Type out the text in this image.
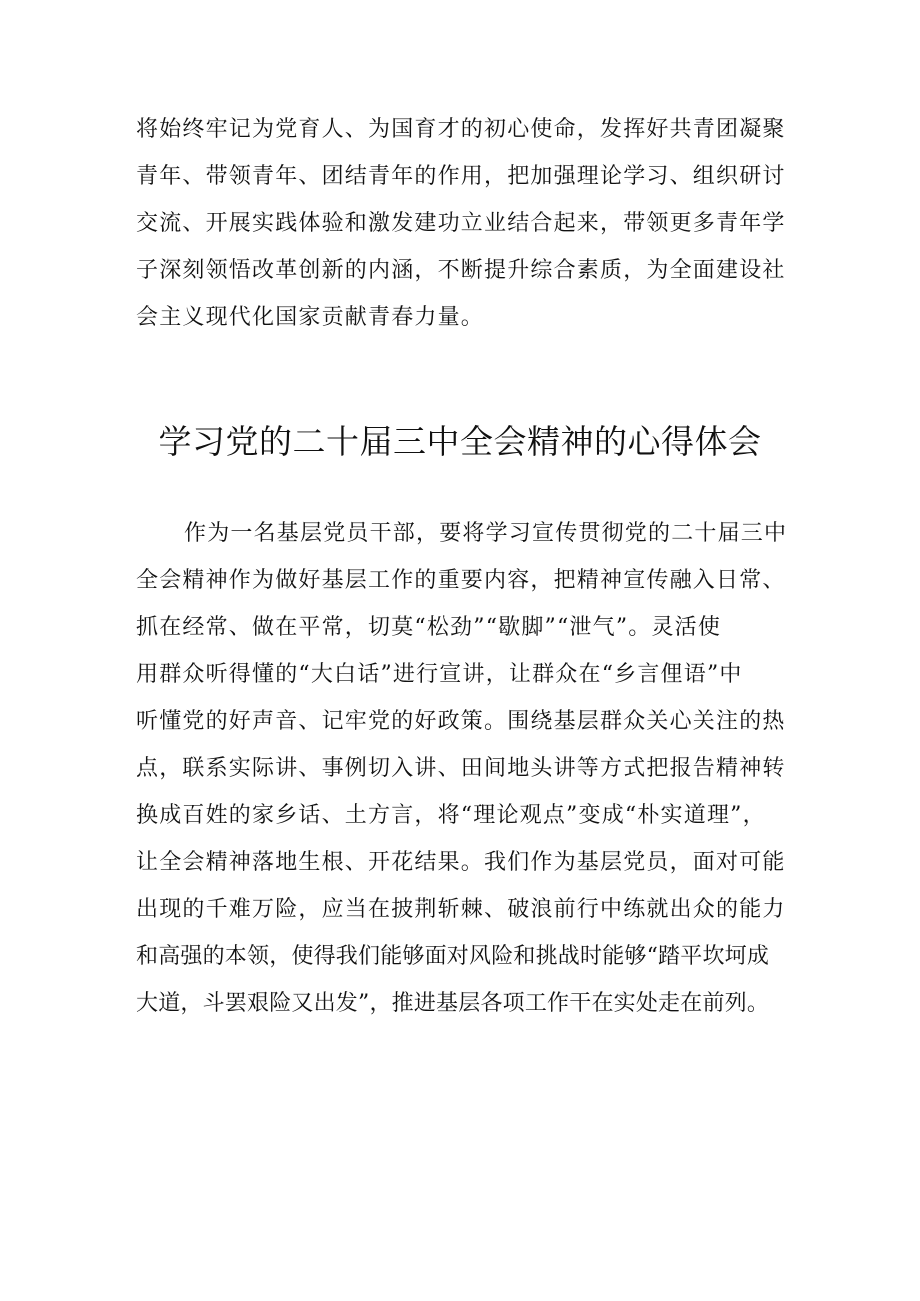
将始终牢记为党育人、为国育才的初心使命，发挥好共青团凝聚
青年、带领青年、团结青年的作用，把加强理论学习、组织研讨
交流、开展实践体验和激发建功立业结合起来，带领更多青年学
子深刻领悟改革创新的内涵，不断提升综合素质，为全面建设社
会主义现代化国家贡献青春力量。
学习党的二十届三中全会精神的心得体会
作为一名基层党员干部，要将学习宣传贯彻党的二十届三中
全会精神作为做好基层工作的重要内容，把精神宣传融入日常、
抓在经常、做在平常，切莫“松劲”“歇脚”“泄气”。灵活使
用群众听得懂的“大白话”进行宣讲，让群众在“乡言俚语”中
听懂党的好声音、记牢党的好政策。围绕基层群众关心关注的热
点，联系实际讲、事例切入讲、田间地头讲等方式把报告精神转
换成百姓的家乡话、土方言，将“理论观点”变成“朴实道理”，
让全会精神落地生根、开花结果。我们作为基层党员，面对可能
出现的千难万险，应当在披荆斩棘、破浪前行中练就出众的能力
和高强的本领，使得我们能够面对风险和挑战时能够“踏平坎坷成
大道，斗罢艰险又出发”，推进基层各项工作干在实处走在前列。
